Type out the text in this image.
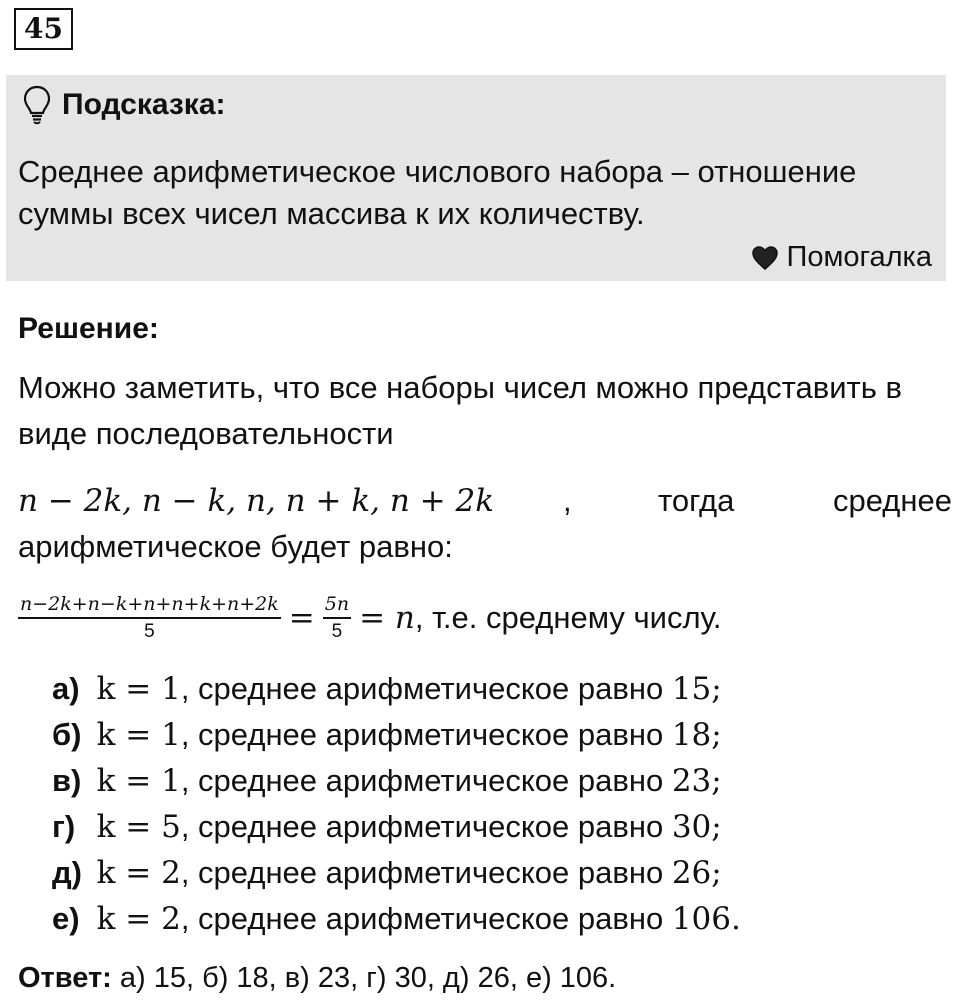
45
Подсказка:
Среднее арифметическое числового набора – отношение суммы всех чисел массива к их количеству.
Помогалка
Решение:
Можно заметить, что все наборы чисел можно представить в виде последовательности
n − 2k, n − k, n, n + k, n + 2k ,	тогда	среднее
арифметическое будет равно:
$\frac{n-2k+n-k+n+n+k+n+2k}{5} = \frac{5n}{5} = n$ , т.е. среднему числу.
а) k = 1, среднее арифметическое равно 15;
б) k = 1, среднее арифметическое равно 18;
в) k = 1, среднее арифметическое равно 23;
г) k = 5, среднее арифметическое равно 30;
д) k = 2, среднее арифметическое равно 26;
е) k = 2, среднее арифметическое равно 106.
Ответ: а) 15, б) 18, в) 23, г) 30, д) 26, е) 106.
